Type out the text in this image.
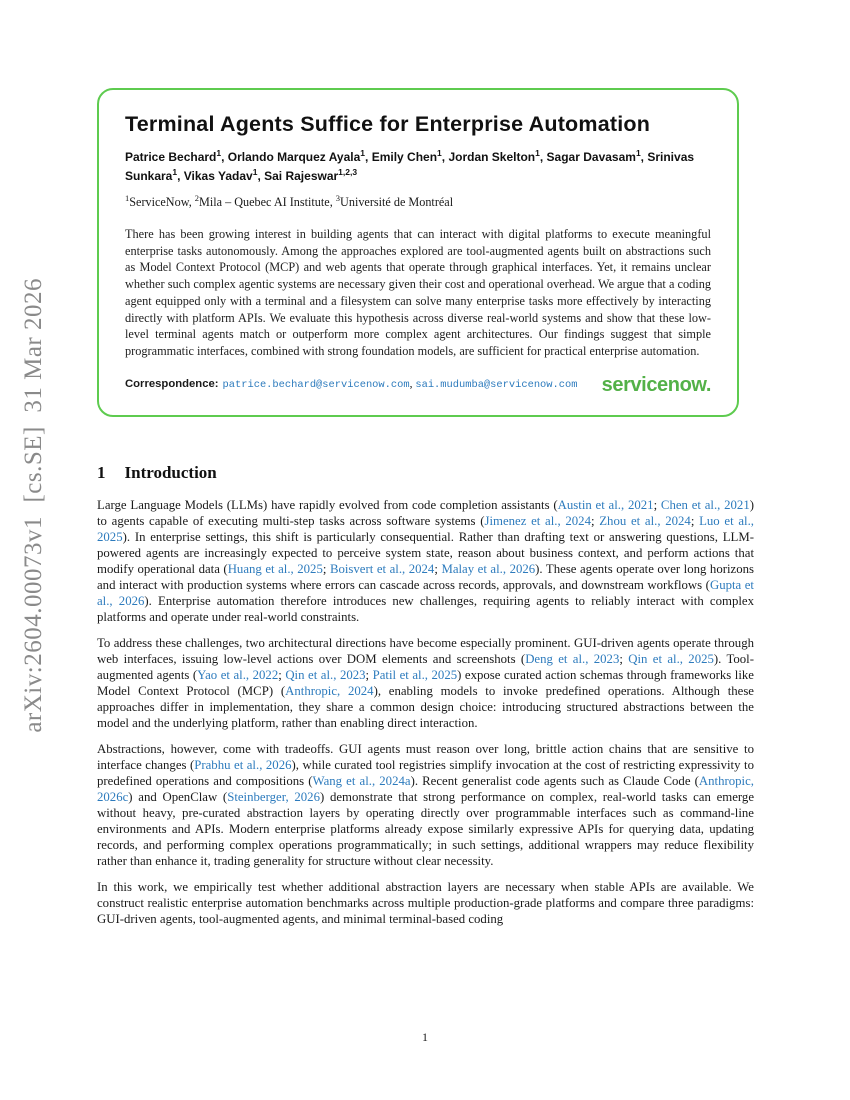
arXiv:2604.00073v1  [cs.SE]  31 Mar 2026
Terminal Agents Suffice for Enterprise Automation
Patrice Bechard$^1$, Orlando Marquez Ayala$^1$, Emily Chen$^1$, Jordan Skelton$^1$, Sagar Davasam$^1$, Srinivas Sunkara$^1$, Vikas Yadav$^1$, Sai Rajeswar$^{1,2,3}$
$^1$ServiceNow, $^2$Mila – Quebec AI Institute, $^3$Université de Montréal
There has been growing interest in building agents that can interact with digital platforms to execute meaningful enterprise tasks autonomously. Among the approaches explored are tool-augmented agents built on abstractions such as Model Context Protocol (MCP) and web agents that operate through graphical interfaces. Yet, it remains unclear whether such complex agentic systems are necessary given their cost and operational overhead. We argue that a coding agent equipped only with a terminal and a filesystem can solve many enterprise tasks more effectively by interacting directly with platform APIs. We evaluate this hypothesis across diverse real-world systems and show that these low-level terminal agents match or outperform more complex agent architectures. Our findings suggest that simple programmatic interfaces, combined with strong foundation models, are sufficient for practical enterprise automation.
Correspondence: patrice.bechard@servicenow.com, sai.mudumba@servicenow.com servicenow.
1 Introduction

Large Language Models (LLMs) have rapidly evolved from code completion assistants (Austin et al., 2021; Chen et al., 2021) to agents capable of executing multi-step tasks across software systems (Jimenez et al., 2024; Zhou et al., 2024; Luo et al., 2025). In enterprise settings, this shift is particularly consequential. Rather than drafting text or answering questions, LLM-powered agents are increasingly expected to perceive system state, reason about business context, and perform actions that modify operational data (Huang et al., 2025; Boisvert et al., 2024; Malay et al., 2026). These agents operate over long horizons and interact with production systems where errors can cascade across records, approvals, and downstream workflows (Gupta et al., 2026). Enterprise automation therefore introduces new challenges, requiring agents to reliably interact with complex platforms and operate under real-world constraints.

To address these challenges, two architectural directions have become especially prominent. GUI-driven agents operate through web interfaces, issuing low-level actions over DOM elements and screenshots (Deng et al., 2023; Qin et al., 2025). Tool-augmented agents (Yao et al., 2022; Qin et al., 2023; Patil et al., 2025) expose curated action schemas through frameworks like Model Context Protocol (MCP) (Anthropic, 2024), enabling models to invoke predefined operations. Although these approaches differ in implementation, they share a common design choice: introducing structured abstractions between the model and the underlying platform, rather than enabling direct interaction.

Abstractions, however, come with tradeoffs. GUI agents must reason over long, brittle action chains that are sensitive to interface changes (Prabhu et al., 2026), while curated tool registries simplify invocation at the cost of restricting expressivity to predefined operations and compositions (Wang et al., 2024a). Recent generalist code agents such as Claude Code (Anthropic, 2026c) and OpenClaw (Steinberger, 2026) demonstrate that strong performance on complex, real-world tasks can emerge without heavy, pre-curated abstraction layers by operating directly over programmable interfaces such as command-line environments and APIs. Modern enterprise platforms already expose similarly expressive APIs for querying data, updating records, and performing complex operations programmatically; in such settings, additional wrappers may reduce flexibility rather than enhance it, trading generality for structure without clear necessity.

In this work, we empirically test whether additional abstraction layers are necessary when stable APIs are available. We construct realistic enterprise automation benchmarks across multiple production-grade platforms and compare three paradigms: GUI-driven agents, tool-augmented agents, and minimal terminal-based coding

1
